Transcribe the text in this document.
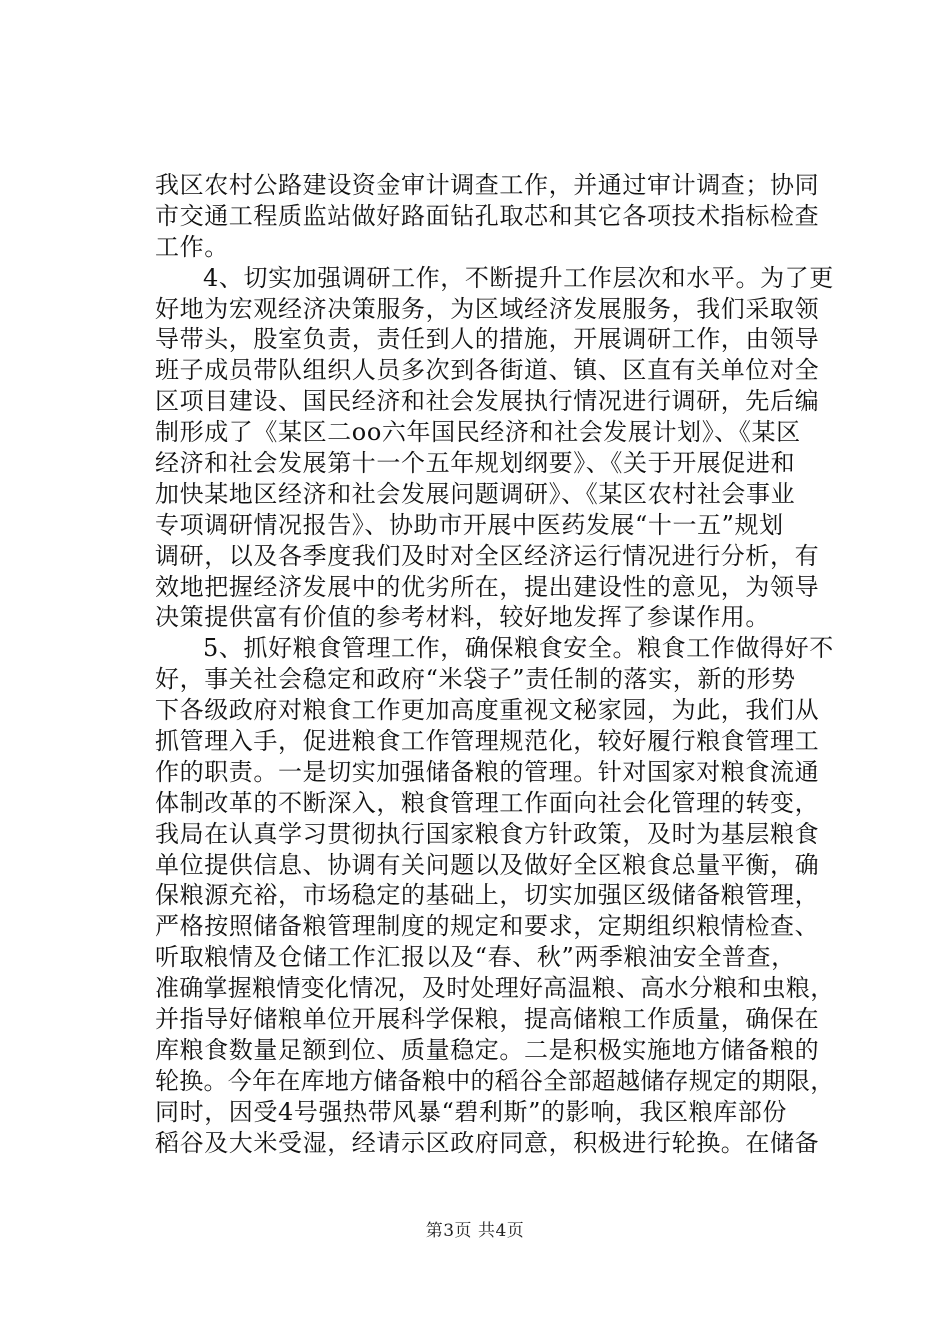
我区农村公路建设资金审计调查工作，并通过审计调查；协同
市交通工程质监站做好路面钻孔取芯和其它各项技术指标检查
工作。
4、切实加强调研工作，不断提升工作层次和水平。为了更
好地为宏观经济决策服务，为区域经济发展服务，我们采取领
导带头，股室负责，责任到人的措施，开展调研工作，由领导
班子成员带队组织人员多次到各街道、镇、区直有关单位对全
区项目建设、国民经济和社会发展执行情况进行调研，先后编
制形成了《某区二oo六年国民经济和社会发展计划》、《某区
经济和社会发展第十一个五年规划纲要》、《关于开展促进和
加快某地区经济和社会发展问题调研》、《某区农村社会事业
专项调研情况报告》、协助市开展中医药发展“十一五”规划
调研，以及各季度我们及时对全区经济运行情况进行分析，有
效地把握经济发展中的优劣所在，提出建设性的意见，为领导
决策提供富有价值的参考材料，较好地发挥了参谋作用。
5、抓好粮食管理工作，确保粮食安全。粮食工作做得好不
好，事关社会稳定和政府“米袋子”责任制的落实，新的形势
下各级政府对粮食工作更加高度重视文秘家园，为此，我们从
抓管理入手，促进粮食工作管理规范化，较好履行粮食管理工
作的职责。一是切实加强储备粮的管理。针对国家对粮食流通
体制改革的不断深入，粮食管理工作面向社会化管理的转变，
我局在认真学习贯彻执行国家粮食方针政策，及时为基层粮食
单位提供信息、协调有关问题以及做好全区粮食总量平衡，确
保粮源充裕，市场稳定的基础上，切实加强区级储备粮管理，
严格按照储备粮管理制度的规定和要求，定期组织粮情检查、
听取粮情及仓储工作汇报以及“春、秋”两季粮油安全普查，
准确掌握粮情变化情况，及时处理好高温粮、高水分粮和虫粮，
并指导好储粮单位开展科学保粮，提高储粮工作质量，确保在
库粮食数量足额到位、质量稳定。二是积极实施地方储备粮的
轮换。今年在库地方储备粮中的稻谷全部超越储存规定的期限，
同时，因受4号强热带风暴“碧利斯”的影响，我区粮库部份
稻谷及大米受湿，经请示区政府同意，积极进行轮换。在储备
第3页 共4页
